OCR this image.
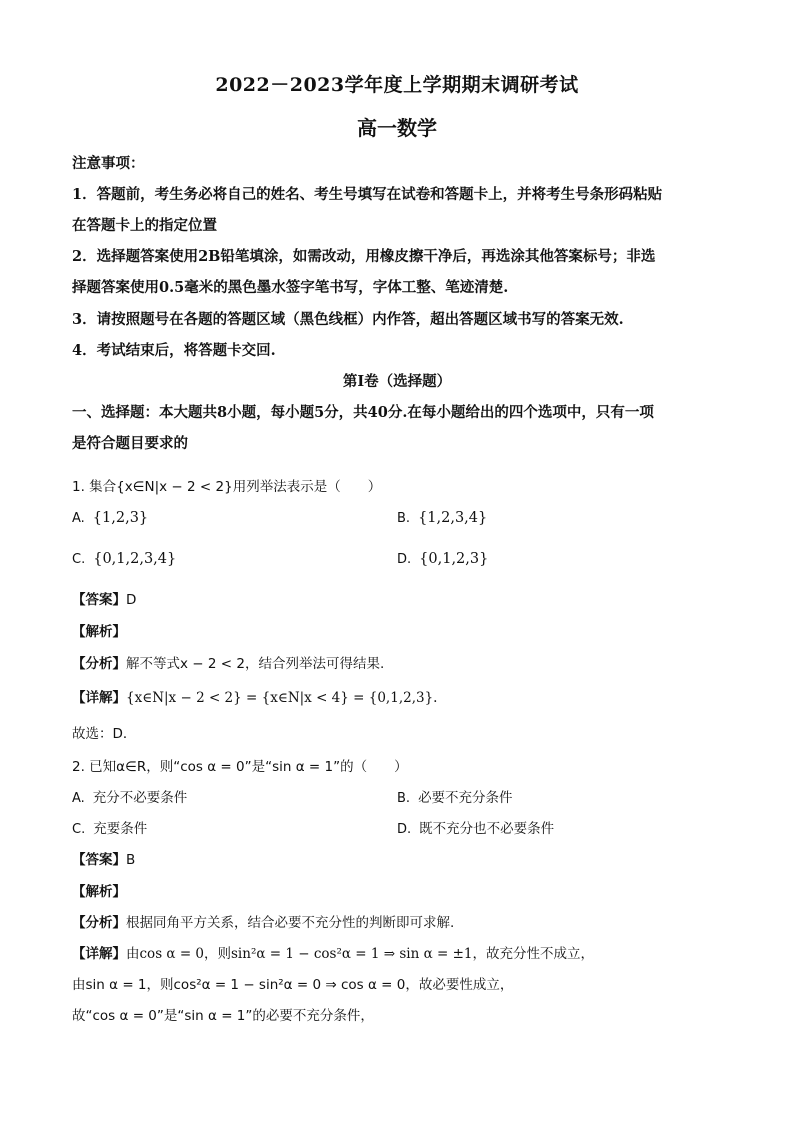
2022－2023学年度上学期期末调研考试
高一数学
注意事项：
1．答题前，考生务必将自己的姓名、考生号填写在试卷和答题卡上，并将考生号条形码粘贴
在答题卡上的指定位置
2．选择题答案使用2B铅笔填涂，如需改动，用橡皮擦干净后，再选涂其他答案标号；非选
择题答案使用0.5毫米的黑色墨水签字笔书写，字体工整、笔迹清楚.
3．请按照题号在各题的答题区域（黑色线框）内作答，超出答题区域书写的答案无效.
4．考试结束后，将答题卡交回.
第Ⅰ卷（选择题）
一、选择题：本大题共8小题，每小题5分，共40分.在每小题给出的四个选项中，只有一项
是符合题目要求的
1. 集合{x∈N|x − 2 < 2}用列举法表示是（　　）
A. {1,2,3}	B. {1,2,3,4}
C. {0,1,2,3,4}	D. {0,1,2,3}
【答案】D
【解析】
【分析】解不等式x − 2 < 2，结合列举法可得结果.
【详解】{x∈N|x − 2 < 2} = {x∈N|x < 4} = {0,1,2,3}.
故选：D．
2. 已知α∈R，则“cos α = 0”是“sin α = 1”的（　　）
A. 充分不必要条件	B. 必要不充分条件
C. 充要条件	D. 既不充分也不必要条件
【答案】B
【解析】
【分析】根据同角平方关系，结合必要不充分性的判断即可求解.
【详解】由cos α = 0，则sin²α = 1 − cos²α = 1 ⇒ sin α = ±1，故充分性不成立，
由sin α = 1，则cos²α = 1 − sin²α = 0 ⇒ cos α = 0，故必要性成立，
故“cos α = 0”是“sin α = 1”的必要不充分条件，
